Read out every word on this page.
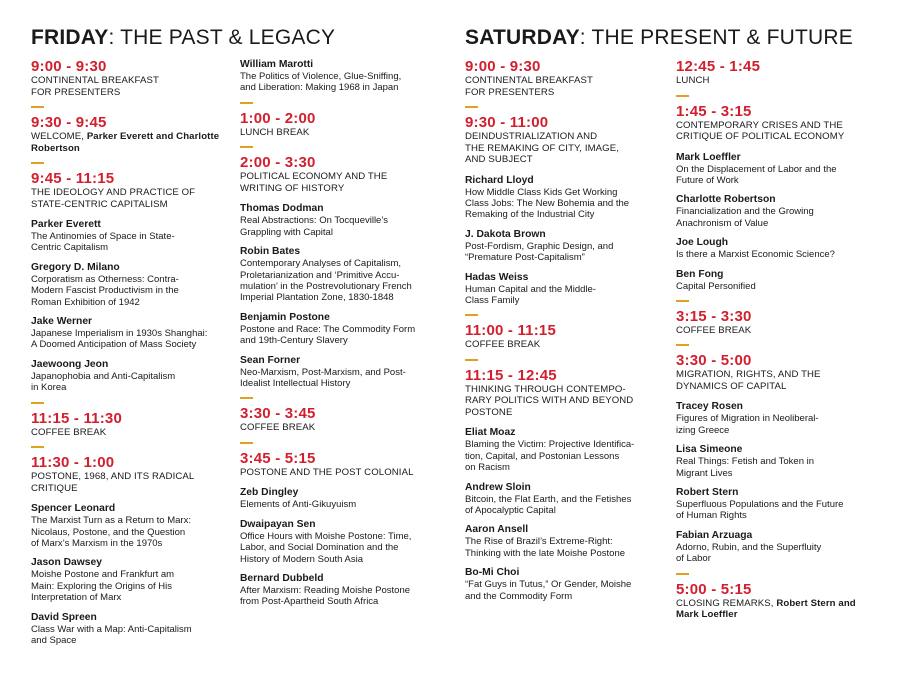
FRIDAY: THE PAST & LEGACY	SATURDAY: THE PRESENT & FUTURE
9:00 - 9:30
CONTINENTAL BREAKFAST
FOR PRESENTERS
9:30 - 9:45
WELCOME, Parker Everett and Charlotte Robertson
9:45 - 11:15
THE IDEOLOGY AND PRACTICE OF
STATE-CENTRIC CAPITALISM
Parker Everett
The Antinomies of Space in State-
Centric Capitalism
Gregory D. Milano
Corporatism as Otherness: Contra-
Modern Fascist Productivism in the
Roman Exhibition of 1942
Jake Werner
Japanese Imperialism in 1930s Shanghai:
A Doomed Anticipation of Mass Society
Jaewoong Jeon
Japanophobia and Anti-Capitalism
in Korea
11:15 - 11:30
COFFEE BREAK
11:30 - 1:00
POSTONE, 1968, AND ITS RADICAL
CRITIQUE
Spencer Leonard
The Marxist Turn as a Return to Marx:
Nicolaus, Postone, and the Question
of Marx’s Marxism in the 1970s
Jason Dawsey
Moishe Postone and Frankfurt am
Main: Exploring the Origins of His
Interpretation of Marx
David Spreen
Class War with a Map: Anti-Capitalism
and Space
William Marotti
The Politics of Violence, Glue-Sniffing,
and Liberation: Making 1968 in Japan
1:00 - 2:00
LUNCH BREAK
2:00 - 3:30
POLITICAL ECONOMY AND THE
WRITING OF HISTORY
Thomas Dodman
Real Abstractions: On Tocqueville’s
Grappling with Capital
Robin Bates
Contemporary Analyses of Capitalism,
Proletarianization and ‘Primitive Accu-
mulation’ in the Postrevolutionary French
Imperial Plantation Zone, 1830-1848
Benjamin Postone
Postone and Race: The Commodity Form
and 19th-Century Slavery
Sean Forner
Neo-Marxism, Post-Marxism, and Post-
Idealist Intellectual History
3:30 - 3:45
COFFEE BREAK
3:45 - 5:15
POSTONE AND THE POST COLONIAL
Zeb Dingley
Elements of Anti-Gikuyuism
Dwaipayan Sen
Office Hours with Moishe Postone: Time,
Labor, and Social Domination and the
History of Modern South Asia
Bernard Dubbeld
After Marxism: Reading Moishe Postone
from Post-Apartheid South Africa
9:00 - 9:30
CONTINENTAL BREAKFAST
FOR PRESENTERS
9:30 - 11:00
DEINDUSTRIALIZATION AND
THE REMAKING OF CITY, IMAGE,
AND SUBJECT
Richard Lloyd
How Middle Class Kids Get Working
Class Jobs: The New Bohemia and the
Remaking of the Industrial City
J. Dakota Brown
Post-Fordism, Graphic Design, and
“Premature Post-Capitalism”
Hadas Weiss
Human Capital and the Middle-
Class Family
11:00 - 11:15
COFFEE BREAK
11:15 - 12:45
THINKING THROUGH CONTEMPO-
RARY POLITICS WITH AND BEYOND
POSTONE
Eliat Moaz
Blaming the Victim: Projective Identifica-
tion, Capital, and Postonian Lessons
on Racism
Andrew Sloin
Bitcoin, the Flat Earth, and the Fetishes
of Apocalyptic Capital
Aaron Ansell
The Rise of Brazil’s Extreme-Right:
Thinking with the late Moishe Postone
Bo-Mi Choi
“Fat Guys in Tutus,” Or Gender, Moishe
and the Commodity Form
12:45 - 1:45
LUNCH
1:45 - 3:15
CONTEMPORARY CRISES AND THE
CRITIQUE OF POLITICAL ECONOMY
Mark Loeffler
On the Displacement of Labor and the
Future of Work
Charlotte Robertson
Financialization and the Growing
Anachronism of Value
Joe Lough
Is there a Marxist Economic Science?
Ben Fong
Capital Personified
3:15 - 3:30
COFFEE BREAK
3:30 - 5:00
MIGRATION, RIGHTS, AND THE
DYNAMICS OF CAPITAL
Tracey Rosen
Figures of Migration in Neoliberal-
izing Greece
Lisa Simeone
Real Things: Fetish and Token in
Migrant Lives
Robert Stern
Superfluous Populations and the Future
of Human Rights
Fabian Arzuaga
Adorno, Rubin, and the Superfluity
of Labor
5:00 - 5:15
CLOSING REMARKS, Robert Stern and Mark Loeffler
